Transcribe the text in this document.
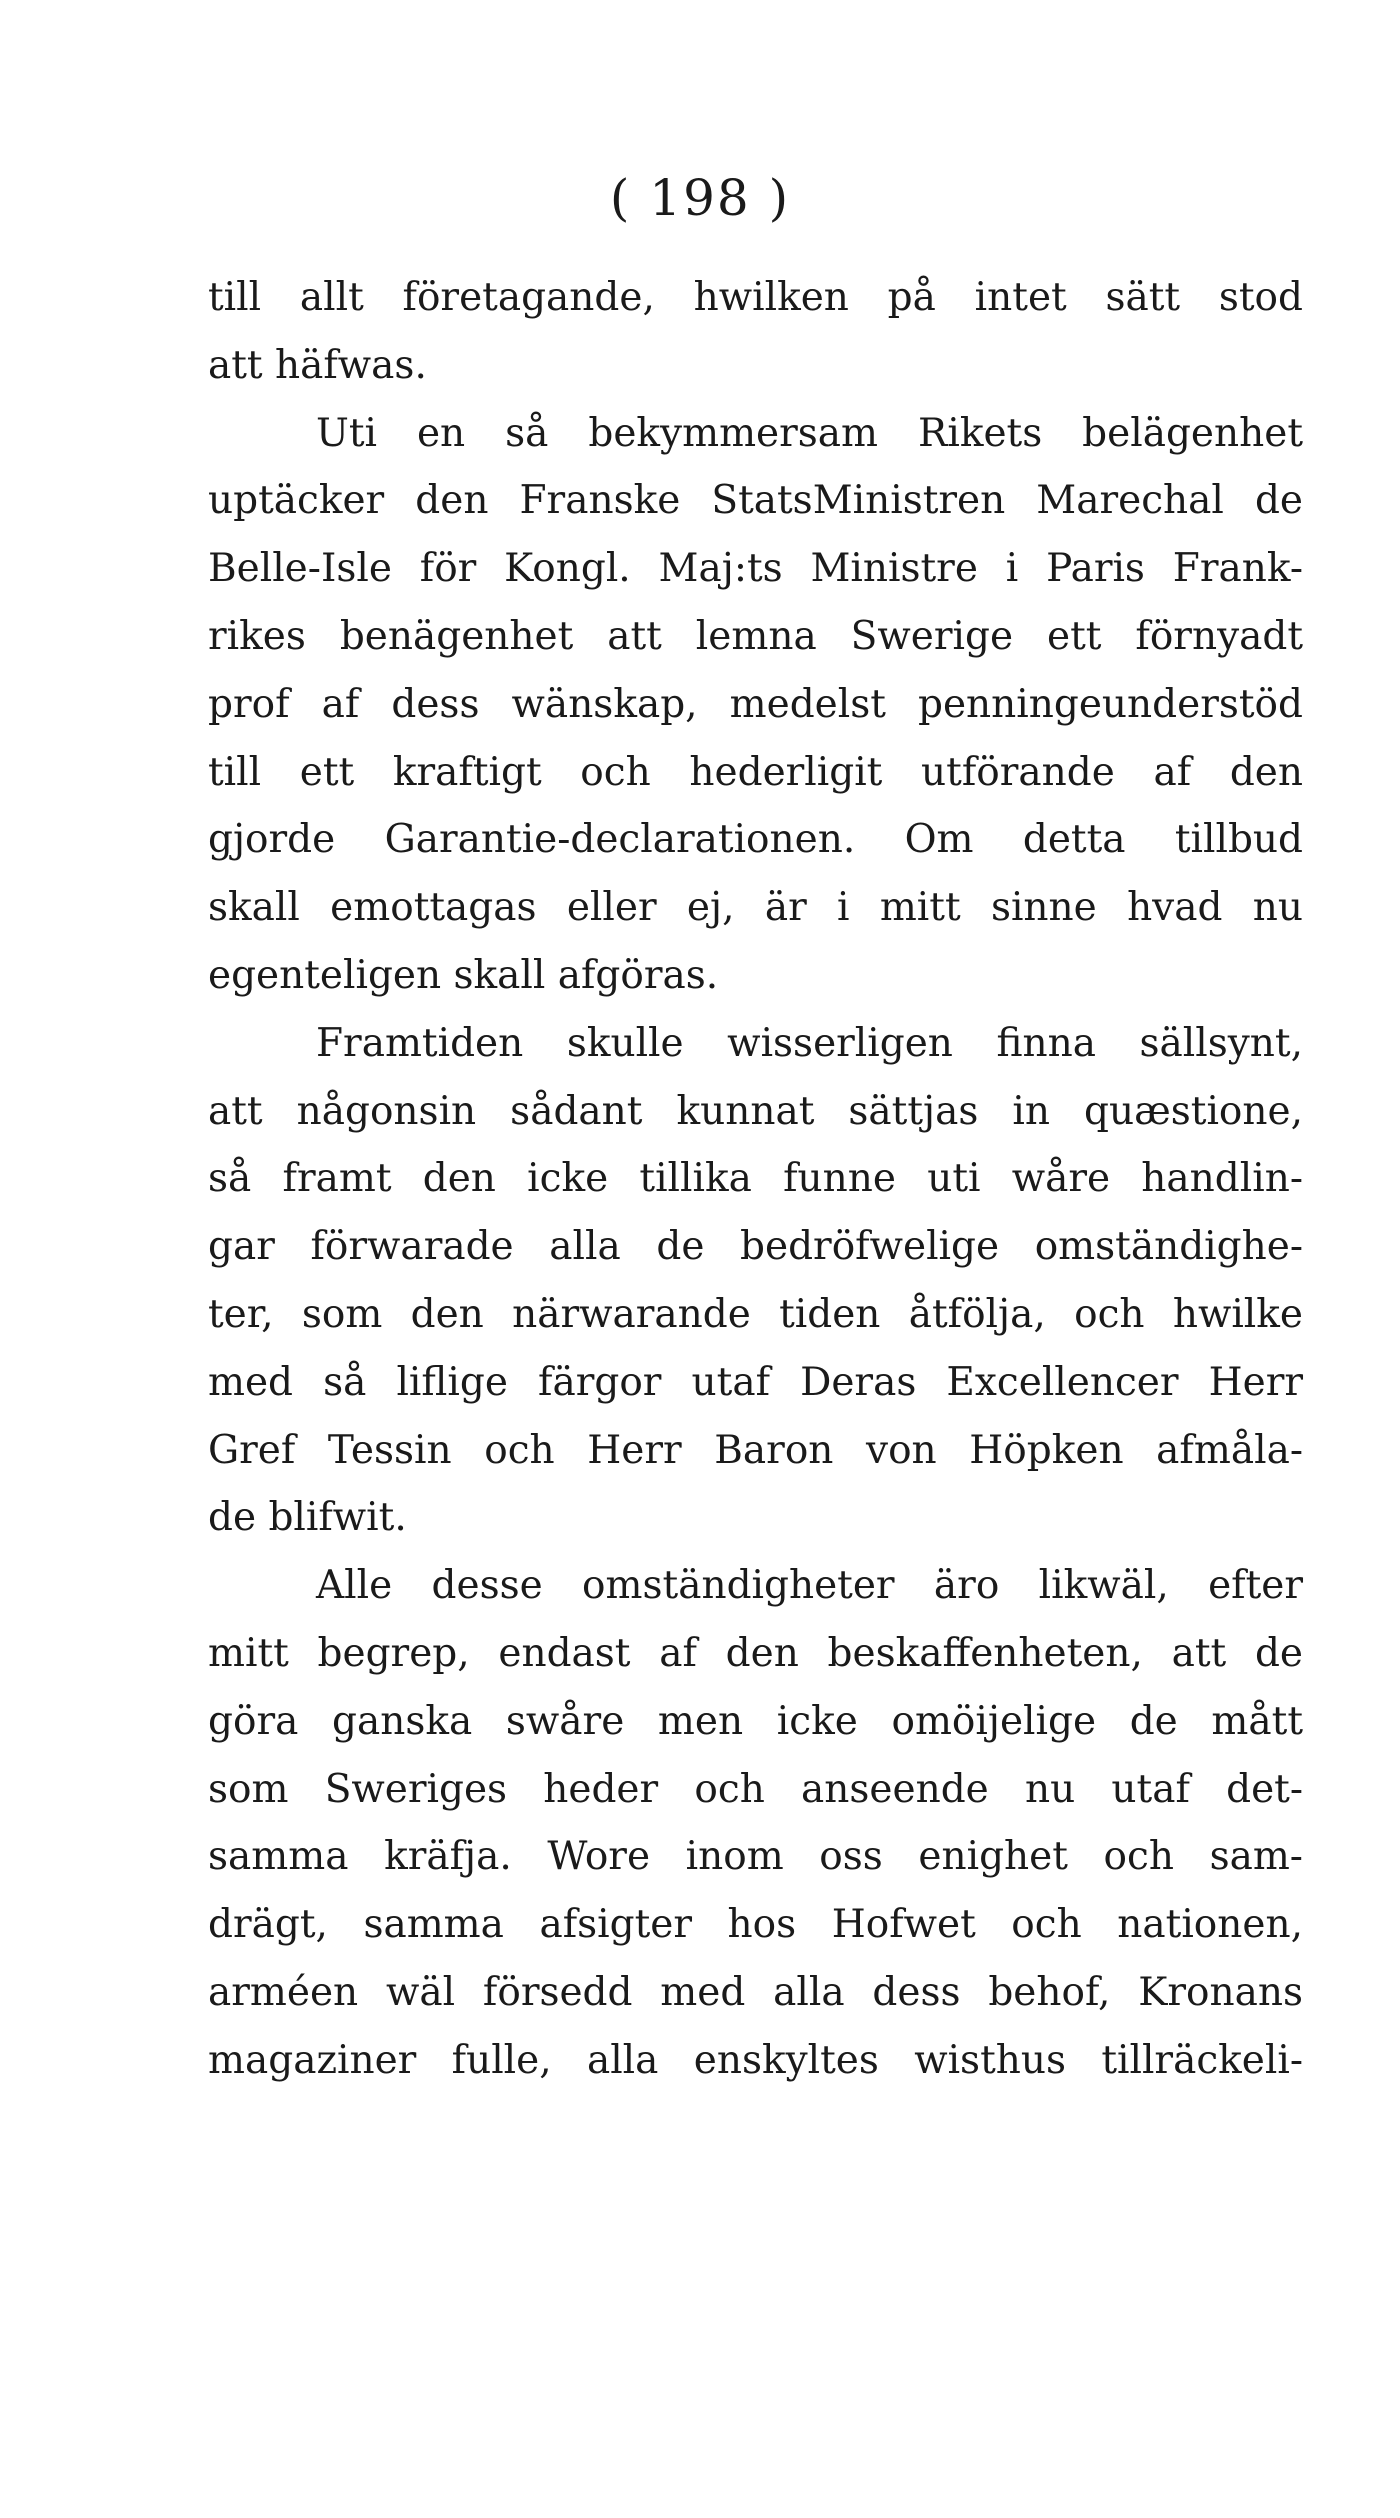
( 198 )
till allt företagande, hwilken på intet sätt stod
att häfwas.
Uti en så bekymmersam Rikets belägenhet
uptäcker den Franske StatsMinistren Marechal de
Belle-Isle för Kongl. Maj:ts Ministre i Paris Frank-
rikes benägenhet att lemna Swerige ett förnyadt
prof af dess wänskap, medelst penningeunderstöd
till ett kraftigt och hederligit utförande af den
gjorde Garantie-declarationen. Om detta tillbud
skall emottagas eller ej, är i mitt sinne hvad nu
egenteligen skall afgöras.
Framtiden skulle wisserligen finna sällsynt,
att någonsin sådant kunnat sättjas in quæstione,
så framt den icke tillika funne uti wåre handlin-
gar förwarade alla de bedröfwelige omständighe-
ter, som den närwarande tiden åtföljа, och hwilke
med så liflige färgor utaf Deras Excellencer Herr
Gref Tessin och Herr Baron von Höpken afmåla-
de blifwit.
Alle desse omständigheter äro likwäl, efter
mitt begrep, endast af den beskaffenheten, att de
göra ganska swåre men icke omöijelige de mått
som Sweriges heder och anseende nu utaf det-
samma kräfja. Wore inom oss enighet och sam-
drägt, samma afsigter hos Hofwet och nationen,
arméen wäl försedd med alla dess behof, Kronans
magaziner fulle, alla enskyltes wisthus tillräckeli-
